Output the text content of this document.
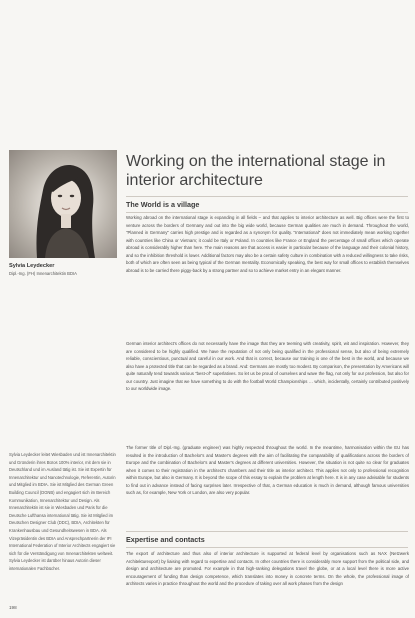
Sylvia Leydecker
Dipl.-Ing. (FH) Innenarchitektin BDIA
Sylvia Leydecker leitet Wiesbaden und ist Innenarchitektin und Gründerin ihres Büros 100% interior, mit dem sie in Deutschland und im Ausland tätig ist. Sie ist Expertin für Innenarchitektur und Nanotechnologie, Referentin, Autorin und Mitglied im BDIA. Sie ist Mitglied des German Green Building Council (DGNB) und engagiert sich im Bereich Kommunikation, Innenarchitektur und Design. Als Innenarchitektin ist sie in Wiesbaden und Paris für die Deutsche Lufthansa international tätig. Sie ist Mitglied im Deutschen Designer Club (DDC), BDIA, Architekten für Krankenhausbau und Gesundheitswesen in BDA. Als Vizepräsidentin des BDIA und Ansprechpartnerin der IFI International Federation of Interior Architects engagiert sie sich für die Verständigung von Innenarchitekten weltweit. Sylvia Leydecker ist darüber hinaus Autorin dieser internationalen Fachbücher.
198
Working on the international stage in interior architecture
The World is a village

Working abroad on the international stage is expanding in all fields – and that applies to interior architecture as well. Big offices were the first to venture across the borders of Germany and out into the big wide world, because German qualities are much in demand. Throughout the world, "Planned in Germany" carries high prestige and is regarded as a synonym for quality. "International" does not immediately mean working together with countries like China or Vietnam; it could be Italy or Poland. In countries like France or England the percentage of small offices which operate abroad is considerably higher than here. The main reasons are that access is easier in particular because of the language and their colonial history, and so the inhibition threshold is lower. Additional factors may also be a certain safety culture in combination with a reduced willingness to take risks, both of which are often seen as being typical of the German mentality. Economically speaking, the best way for small offices to establish themselves abroad is to be carried there piggy-back by a strong partner and so to achieve market entry in an elegant manner.

German interior architect's offices do not necessarily have the image that they are teeming with creativity, spirit, wit and inspiration. However, they are considered to be highly qualified. We have the reputation of not only being qualified in the professional sense, but also of being extremely reliable, conscientious, punctual and careful in our work. And that is correct, because our training is one of the best in the world, and because we also have a protected title that can be regarded as a brand. And: Germans are mostly too modest. By comparison, the presentation by Americans will quite naturally tend towards various "best-of" superlatives. So let us be proud of ourselves and wave the flag, not only for our profession, but also for our country. Just imagine that we have something to do with the football World Championships … which, incidentally, certainly contributed positively to our worldwide image.

The former title of Dipl.-Ing. (graduate engineer) was highly respected throughout the world. In the meantime, harmonisation within the EU has resulted in the introduction of Bachelor's and Master's degrees with the aim of facilitating the comparability of qualifications across the borders of Europe and the combination of Bachelor's and Master's degrees at different universities. However, the situation is not quite so clear for graduates when it comes to their registration in the architect's chambers and their title as interior architect. This applies not only to professional recognition within Europe, but also in Germany. It is beyond the scope of this essay to explain the problem at length here. It is in any case advisable for students to find out in advance instead of facing surprises later. Irrespective of that, a German education is much in demand, although famous universities such as, for example, New York or London, are also very popular.

Expertise and contacts

The export of architecture and thus also of interior architecture is supported at federal level by organisations such as NAX (Netzwerk Architekturexport) by liaising with regard to expertise and contacts. In other countries there is considerably more support from the political side, and design and architecture are promoted. For example in that high-ranking delegations travel the globe, or at a local level there is more active encouragement of funding than design competence, which translates into money in concrete terms. On the whole, the professional image of architects varies in practice throughout the world and the procedure of taking over all work phases from the design
